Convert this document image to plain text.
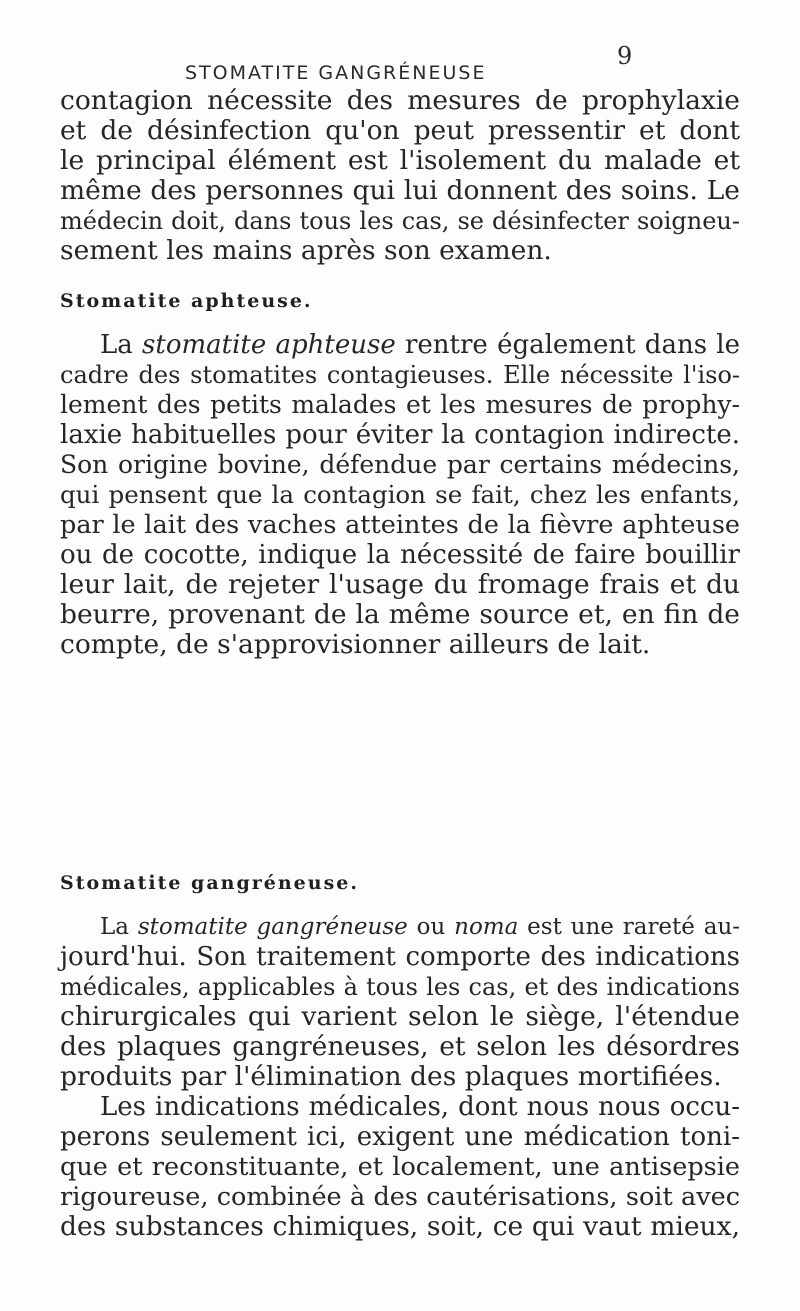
STOMATITE GANGRÉNEUSE
9
contagion nécessite des mesures de prophylaxie
et de désinfection qu'on peut pressentir et dont
le principal élément est l'isolement du malade et
même des personnes qui lui donnent des soins. Le
médecin doit, dans tous les cas, se désinfecter soigneu-
sement les mains après son examen.
Stomatite aphteuse.
La stomatite aphteuse rentre également dans le
cadre des stomatites contagieuses. Elle nécessite l'iso-
lement des petits malades et les mesures de prophy-
laxie habituelles pour éviter la contagion indirecte.
Son origine bovine, défendue par certains médecins,
qui pensent que la contagion se fait, chez les enfants,
par le lait des vaches atteintes de la fièvre aphteuse
ou de cocotte, indique la nécessité de faire bouillir
leur lait, de rejeter l'usage du fromage frais et du
beurre, provenant de la même source et, en fin de
compte, de s'approvisionner ailleurs de lait.
Stomatite gangréneuse.
La stomatite gangréneuse ou noma est une rareté au-
jourd'hui. Son traitement comporte des indications
médicales, applicables à tous les cas, et des indications
chirurgicales qui varient selon le siège, l'étendue
des plaques gangréneuses, et selon les désordres
produits par l'élimination des plaques mortifiées.
Les indications médicales, dont nous nous occu-
perons seulement ici, exigent une médication toni-
que et reconstituante, et localement, une antisepsie
rigoureuse, combinée à des cautérisations, soit avec
des substances chimiques, soit, ce qui vaut mieux,
